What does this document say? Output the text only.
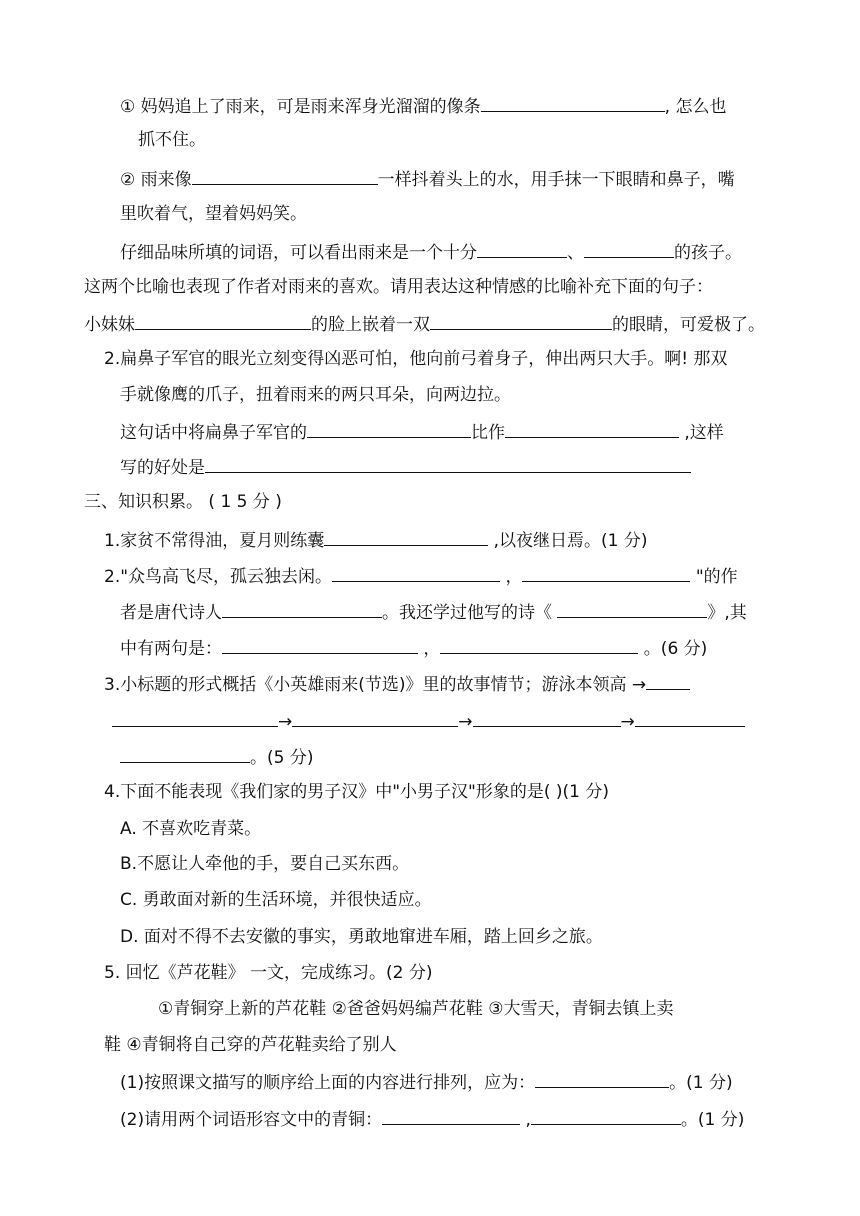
① 妈妈追上了雨来，可是雨来浑身光溜溜的像条	, 怎么也
抓不住。
② 雨来像	一样抖着头上的水，用手抹一下眼睛和鼻子，嘴
里吹着气，望着妈妈笑。
仔细品味所填的词语，可以看出雨来是一个十分	、	的孩子。
这两个比喻也表现了作者对雨来的喜欢。请用表达这种情感的比喻补充下面的句子：
小妹妹	的脸上嵌着一双	的眼睛，可爱极了。
2.扁鼻子军官的眼光立刻变得凶恶可怕，他向前弓着身子，伸出两只大手。啊! 那双
手就像鹰的爪子，扭着雨来的两只耳朵，向两边拉。
这句话中将扁鼻子军官的	比作	,这样
写的好处是
三、知识积累。 ( 1 5 分 )
1.家贫不常得油，夏月则练囊	,以夜继日焉。(1 分)
2."众鸟高飞尽，孤云独去闲。	，	"的作
者是唐代诗人	。我还学过他写的诗《	》,其
中有两句是：	，	。(6 分)
3.小标题的形式概括《小英雄雨来(节选)》里的故事情节；游泳本领高 →
→	→	→
。(5 分)
4.下面不能表现《我们家的男子汉》中"小男子汉"形象的是( )(1 分)
A. 不喜欢吃青菜。
B.不愿让人牵他的手，要自己买东西。
C. 勇敢面对新的生活环境，并很快适应。
D. 面对不得不去安徽的事实，勇敢地窜进车厢，踏上回乡之旅。
5. 回忆《芦花鞋》 一文，完成练习。(2 分)
①青铜穿上新的芦花鞋 ②爸爸妈妈编芦花鞋 ③大雪天，青铜去镇上卖
鞋 ④青铜将自己穿的芦花鞋卖给了别人
(1)按照课文描写的顺序给上面的内容进行排列，应为：	。(1 分)
(2)请用两个词语形容文中的青铜：	,	。(1 分)
